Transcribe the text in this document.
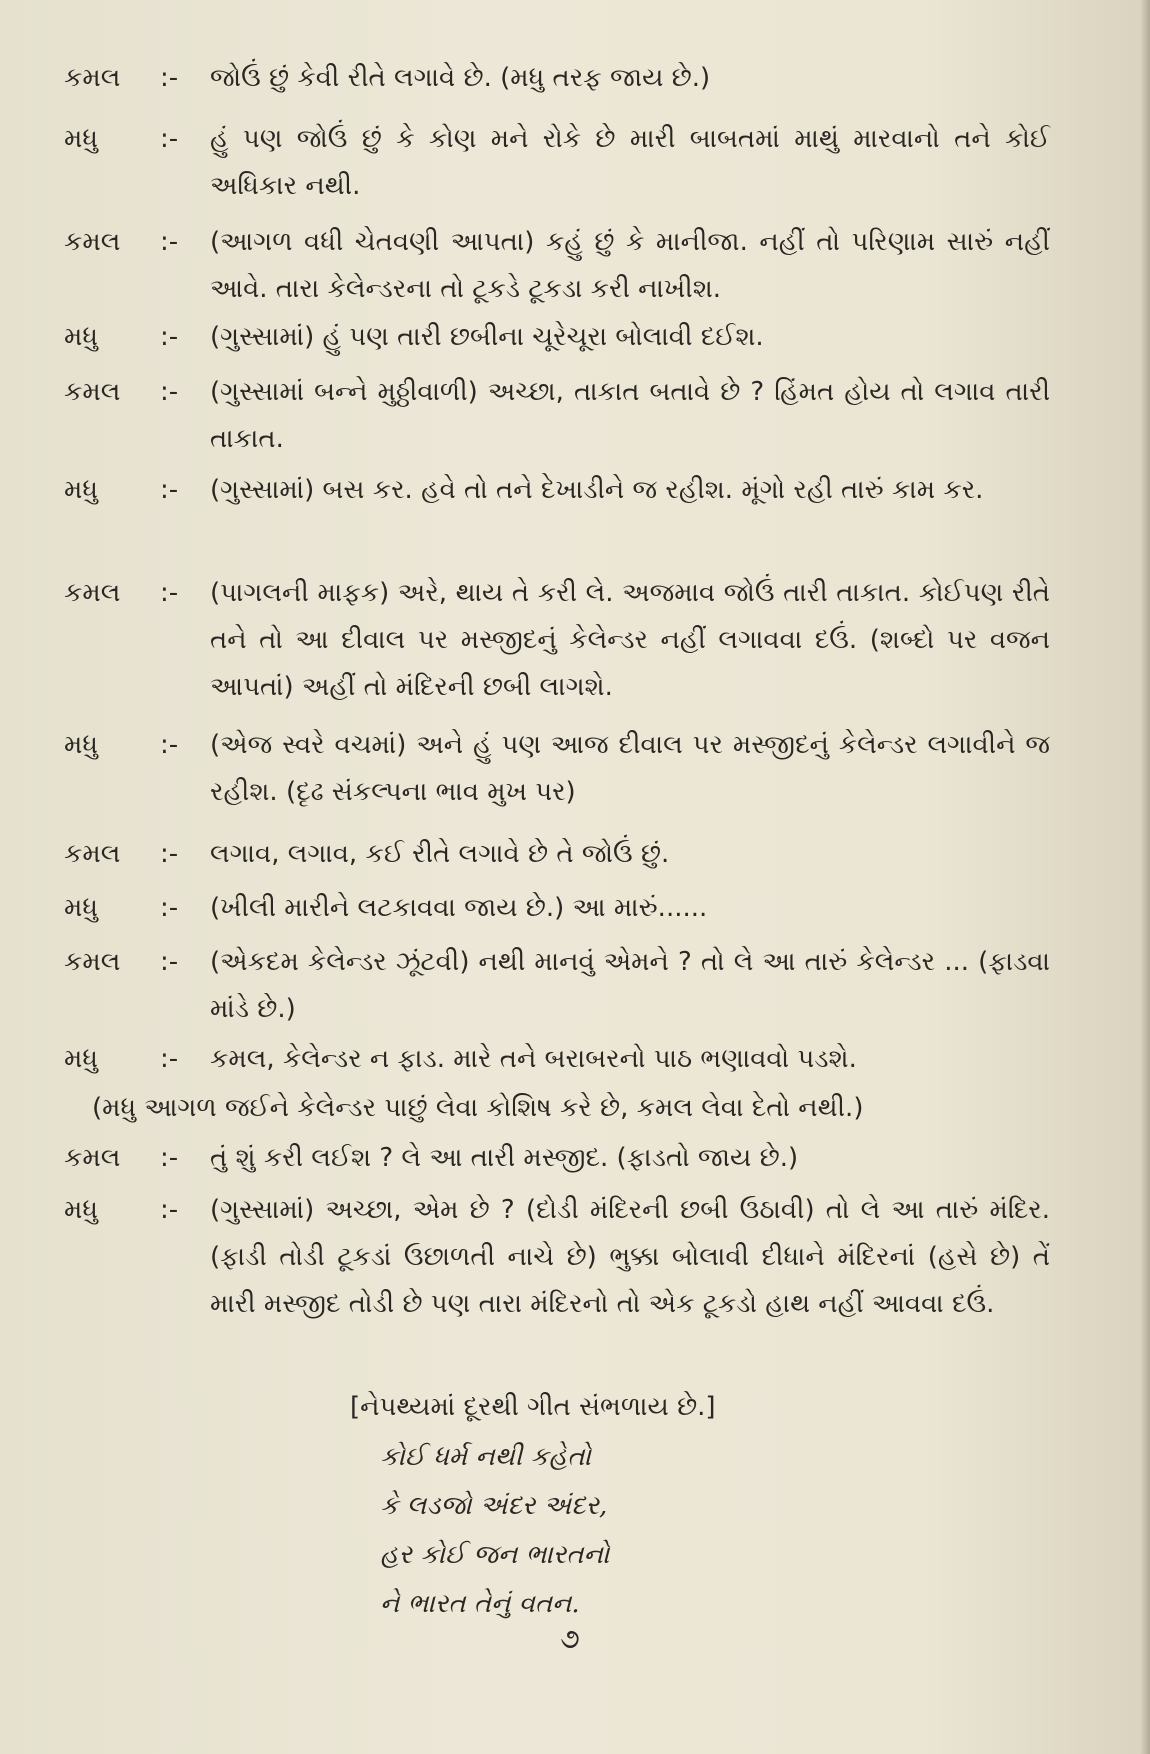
કમલ	:-	જોઉં છું કેવી રીતે લગાવે છે. (મધુ તરફ જાય છે.)
મધુ	:-	હું પણ જોઉં છું કે કોણ મને રોકે છે મારી બાબતમાં માથું મારવાનો તને કોઈ અધિકાર નથી.
કમલ	:-	(આગળ વધી ચેતવણી આપતા) કહું છું કે માનીજા. નહીં તો પરિણામ સારું નહીં આવે. તારા કેલેન્ડરના તો ટૂકડે ટૂકડા કરી નાખીશ.
મધુ	:-	(ગુસ્સામાં) હું પણ તારી છબીના ચૂરેચૂરા બોલાવી દઈશ.
કમલ	:-	(ગુસ્સામાં બન્ને મુઠ્ઠીવાળી) અચ્છા, તાકાત બતાવે છે ? હિંમત હોય તો લગાવ તારી તાકાત.
મધુ	:-	(ગુસ્સામાં) બસ કર. હવે તો તને દેખાડીને જ રહીશ. મૂંગો રહી તારું કામ કર.
કમલ	:-	(પાગલની માફક) અરે, થાય તે કરી લે. અજમાવ જોઉં તારી તાકાત. કોઈપણ રીતે તને તો આ દીવાલ પર મસ્જીદનું કેલેન્ડર નહીં લગાવવા દઉં. (શબ્દો પર વજન આપતાં) અહીં તો મંદિરની છબી લાગશે.
મધુ	:-	(એજ સ્વરે વચમાં) અને હું પણ આજ દીવાલ પર મસ્જીદનું કેલેન્ડર લગાવીને જ રહીશ. (દૃઢ સંકલ્પના ભાવ મુખ પર)
કમલ	:-	લગાવ, લગાવ, કઈ રીતે લગાવે છે તે જોઉં છું.
મધુ	:-	(ખીલી મારીને લટકાવવા જાય છે.) આ મારું......
કમલ	:-	(એકદમ કેલેન્ડર ઝૂંટવી) નથી માનવું એમને ? તો લે આ તારું કેલેન્ડર ... (ફાડવા માંડે છે.)
મધુ	:-	કમલ, કેલેન્ડર ન ફાડ. મારે તને બરાબરનો પાઠ ભણાવવો પડશે.
(મધુ આગળ જઈને કેલેન્ડર પાછું લેવા કોશિષ કરે છે, કમલ લેવા દેતો નથી.)
કમલ	:-	તું શું કરી લઈશ ? લે આ તારી મસ્જીદ. (ફાડતો જાય છે.)
મધુ	:-	(ગુસ્સામાં) અચ્છા, એમ છે ? (દોડી મંદિરની છબી ઉઠાવી) તો લે આ તારું મંદિર. (ફાડી તોડી ટૂકડાં ઉછાળતી નાચે છે) ભુક્કા બોલાવી દીધાને મંદિરનાં (હસે છે) તેં મારી મસ્જીદ તોડી છે પણ તારા મંદિરનો તો એક ટૂકડો હાથ નહીં આવવા દઉં.
[નેપથ્યમાં દૂરથી ગીત સંભળાય છે.]
કોઈ ધર્મ નથી કહેતો
કે લડજો અંદર અંદર,
હર કોઈ જન ભારતનો
ને ભારત તેનું વતન.
૭
